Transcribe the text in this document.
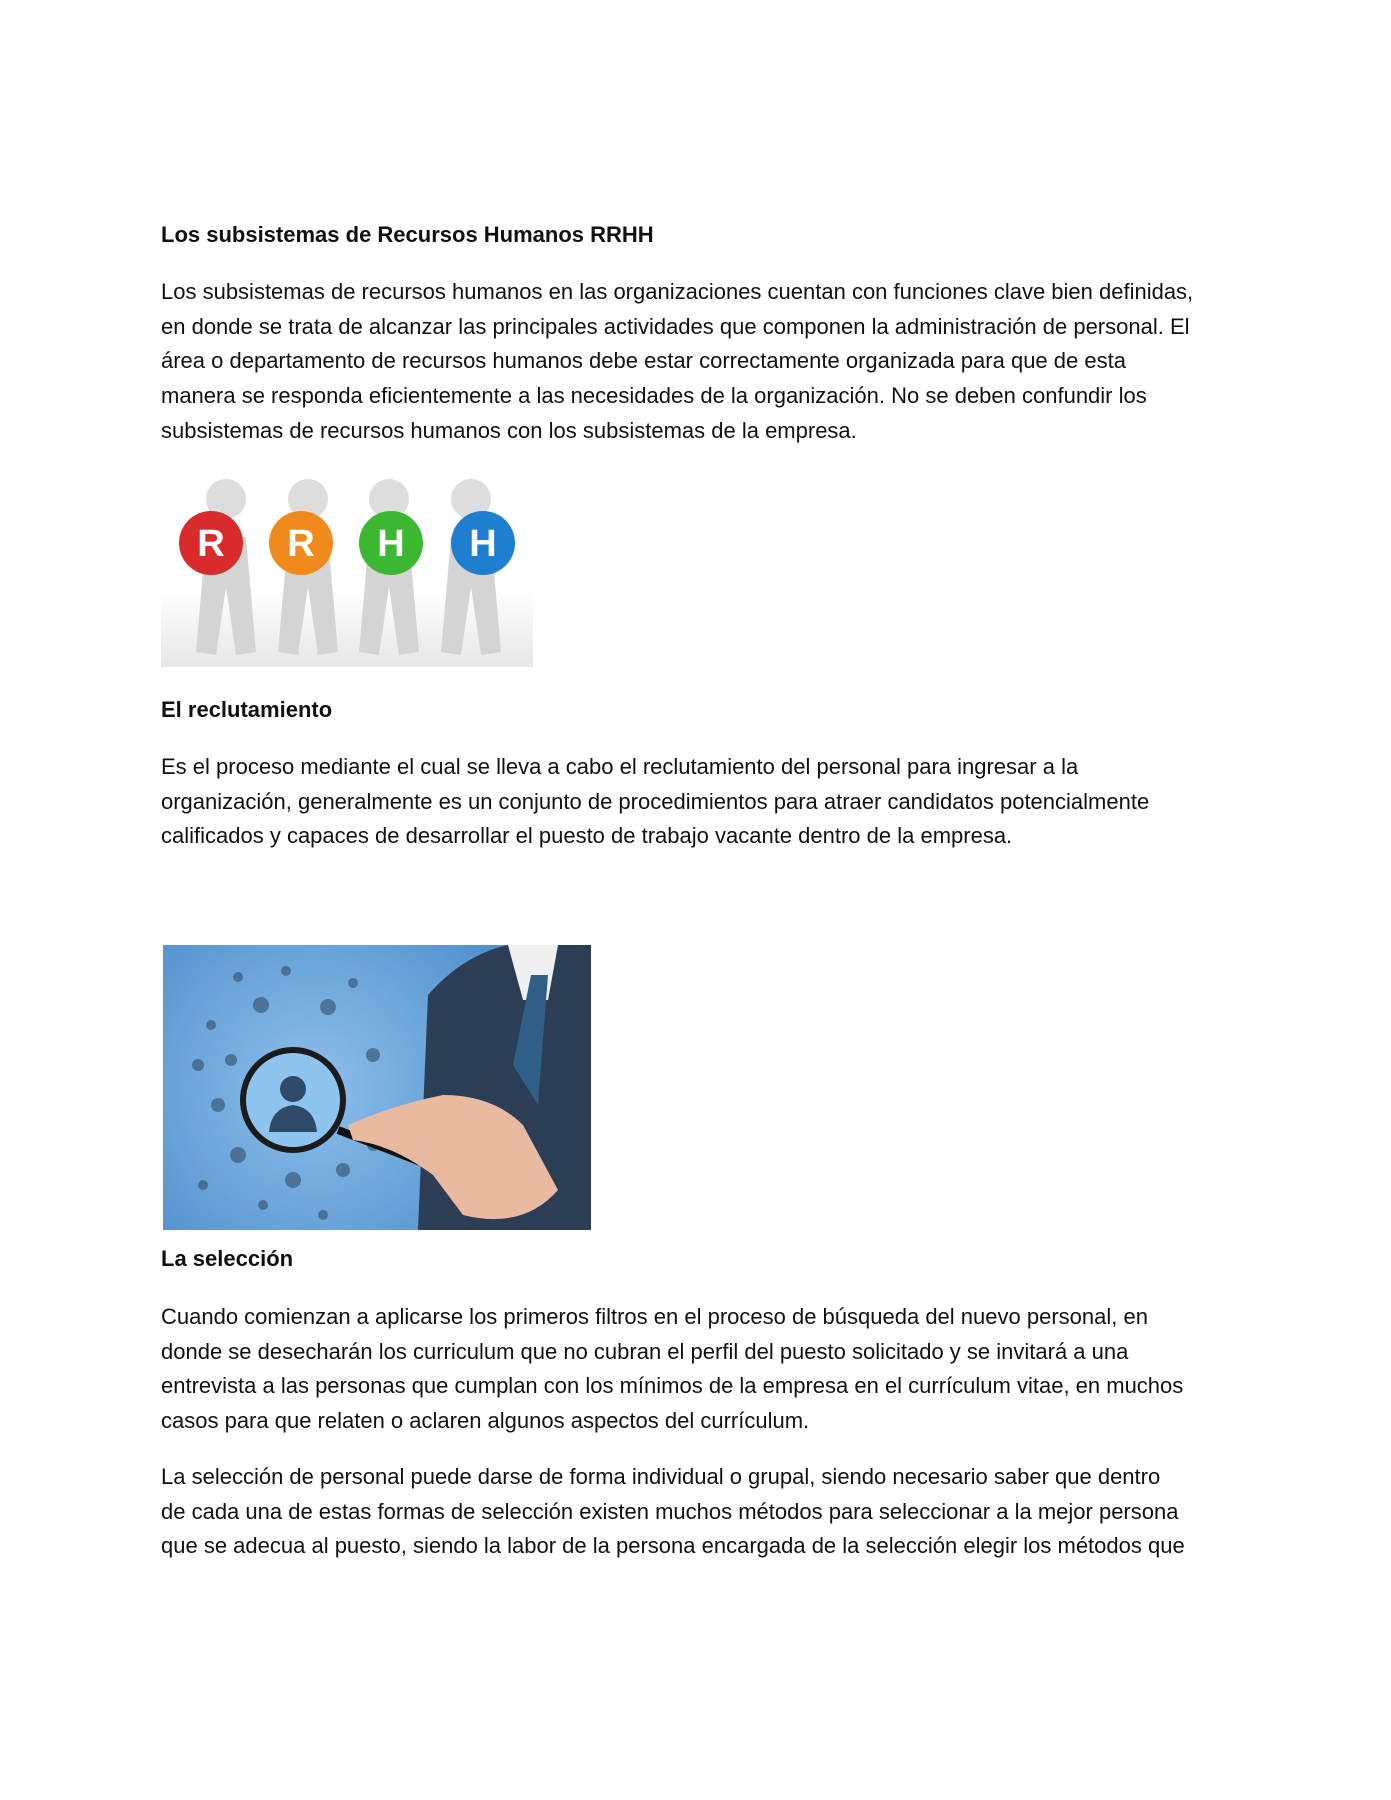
Los subsistemas de Recursos Humanos RRHH
Los subsistemas de recursos humanos en las organizaciones cuentan con funciones clave bien definidas,
en donde se trata de alcanzar las principales actividades que componen la administración de personal. El
área o departamento de recursos humanos debe estar correctamente organizada para que de esta
manera se responda eficientemente a las necesidades de la organización. No se deben confundir los
subsistemas de recursos humanos con los subsistemas de la empresa.
R R H H
El reclutamiento
Es el proceso mediante el cual se lleva a cabo el reclutamiento del personal para ingresar a la
organización, generalmente es un conjunto de procedimientos para atraer candidatos potencialmente
calificados y capaces de desarrollar el puesto de trabajo vacante dentro de la empresa.
La selección
Cuando comienzan a aplicarse los primeros filtros en el proceso de búsqueda del nuevo personal, en
donde se desecharán los curriculum que no cubran el perfil del puesto solicitado y se invitará a una
entrevista a las personas que cumplan con los mínimos de la empresa en el currículum vitae, en muchos
casos para que relaten o aclaren algunos aspectos del currículum.
La selección de personal puede darse de forma individual o grupal, siendo necesario saber que dentro
de cada una de estas formas de selección existen muchos métodos para seleccionar a la mejor persona
que se adecua al puesto, siendo la labor de la persona encargada de la selección elegir los métodos que
